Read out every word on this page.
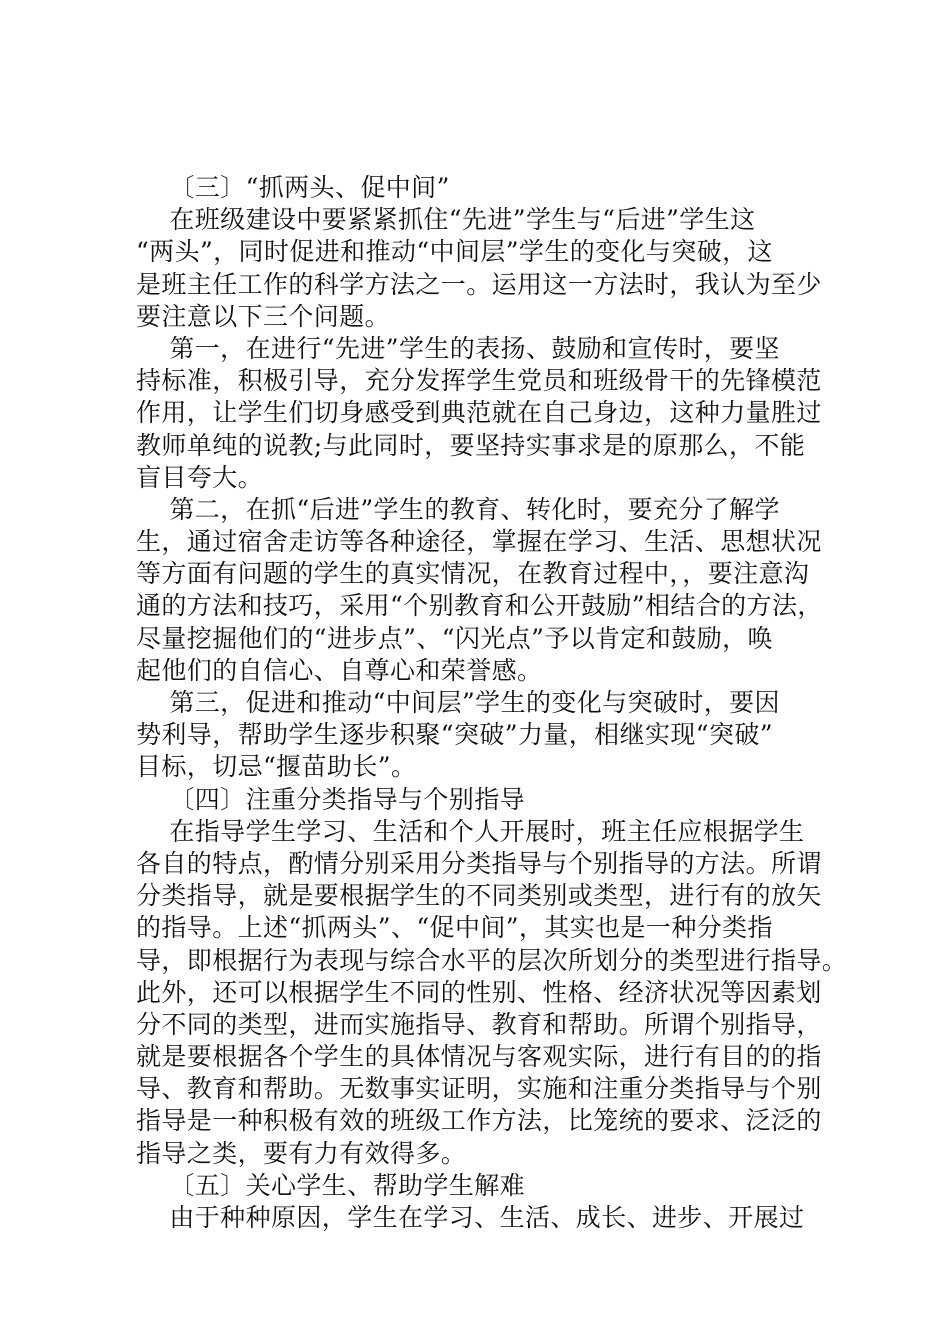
〔三〕“抓两头、促中间”
在班级建设中要紧紧抓住“先进”学生与“后进”学生这
“两头”，同时促进和推动“中间层”学生的变化与突破，这
是班主任工作的科学方法之一。运用这一方法时，我认为至少
要注意以下三个问题。
第一，在进行“先进”学生的表扬、鼓励和宣传时，要坚
持标准，积极引导，充分发挥学生党员和班级骨干的先锋模范
作用，让学生们切身感受到典范就在自己身边，这种力量胜过
教师单纯的说教;与此同时，要坚持实事求是的原那么，不能
盲目夸大。
第二，在抓“后进”学生的教育、转化时，要充分了解学
生，通过宿舍走访等各种途径，掌握在学习、生活、思想状况
等方面有问题的学生的真实情况，在教育过程中，，要注意沟
通的方法和技巧，采用“个别教育和公开鼓励”相结合的方法，
尽量挖掘他们的“进步点”、“闪光点”予以肯定和鼓励，唤
起他们的自信心、自尊心和荣誉感。
第三，促进和推动“中间层”学生的变化与突破时，要因
势利导，帮助学生逐步积聚“突破”力量，相继实现“突破”
目标，切忌“揠苗助长”。
〔四〕注重分类指导与个别指导
在指导学生学习、生活和个人开展时，班主任应根据学生
各自的特点，酌情分别采用分类指导与个别指导的方法。所谓
分类指导，就是要根据学生的不同类别或类型，进行有的放矢
的指导。上述“抓两头”、“促中间”，其实也是一种分类指
导，即根据行为表现与综合水平的层次所划分的类型进行指导。
此外，还可以根据学生不同的性别、性格、经济状况等因素划
分不同的类型，进而实施指导、教育和帮助。所谓个别指导，
就是要根据各个学生的具体情况与客观实际，进行有目的的指
导、教育和帮助。无数事实证明，实施和注重分类指导与个别
指导是一种积极有效的班级工作方法，比笼统的要求、泛泛的
指导之类，要有力有效得多。
〔五〕关心学生、帮助学生解难
由于种种原因，学生在学习、生活、成长、进步、开展过
